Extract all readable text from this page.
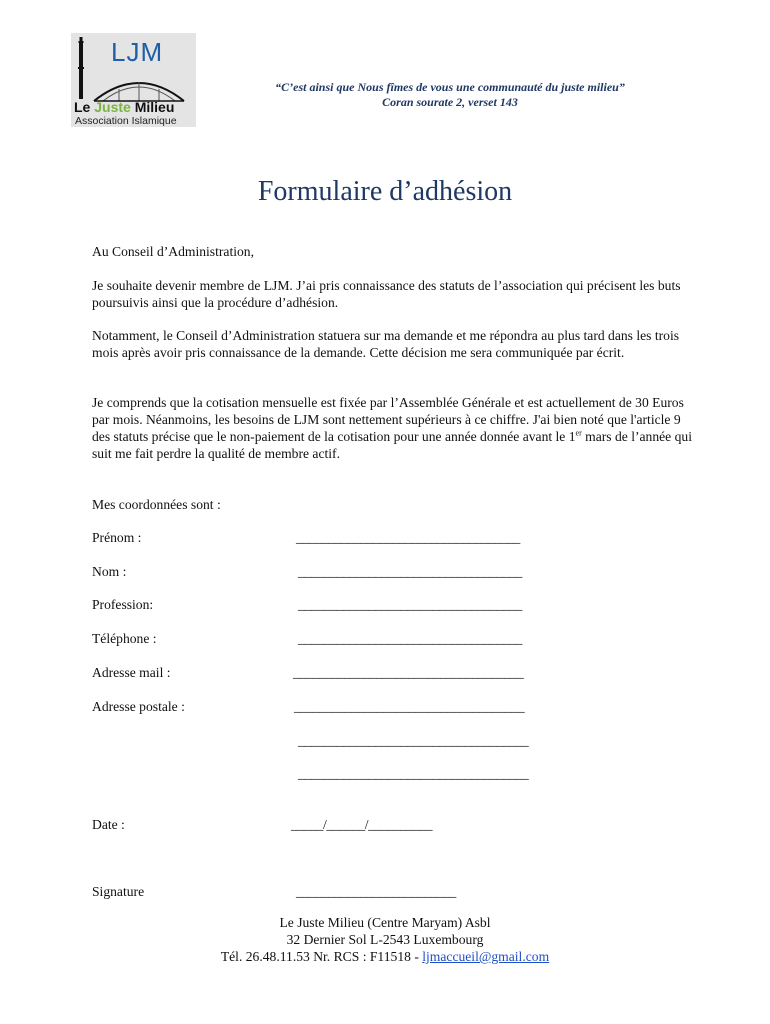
LJM
Le Juste Milieu
Association Islamique
“C’est ainsi que Nous fîmes de vous une communauté du juste milieu”
Coran sourate 2, verset 143
Formulaire d’adhésion

Au Conseil d’Administration,

Je souhaite devenir membre de LJM. J’ai pris connaissance des statuts de l’association qui précisent les buts poursuivis ainsi que la procédure d’adhésion.

Notamment, le Conseil d’Administration statuera sur ma demande et me répondra au plus tard dans les trois mois après avoir pris connaissance de la demande. Cette décision me sera communiquée par écrit.

Je comprends que la cotisation mensuelle est fixée par l’Assemblée Générale et est actuellement de 30 Euros par mois. Néanmoins, les besoins de LJM sont nettement supérieurs à ce chiffre. J'ai bien noté que l'article 9 des statuts précise que le non-paiement de la cotisation pour une année donnée avant le 1er mars de l’année qui suit me fait perdre la qualité de membre actif.

Mes coordonnées sont :

Prénom :	___________________________________
Nom :	___________________________________
Profession:	___________________________________
Téléphone :	___________________________________
Adresse mail :	____________________________________
Adresse postale :	____________________________________
____________________________________
____________________________________
Date :	_____/______/__________
Signature	_________________________
Le Juste Milieu (Centre Maryam) Asbl
32 Dernier Sol L-2543 Luxembourg
Tél. 26.48.11.53 Nr. RCS : F11518 - ljmaccueil@gmail.com
